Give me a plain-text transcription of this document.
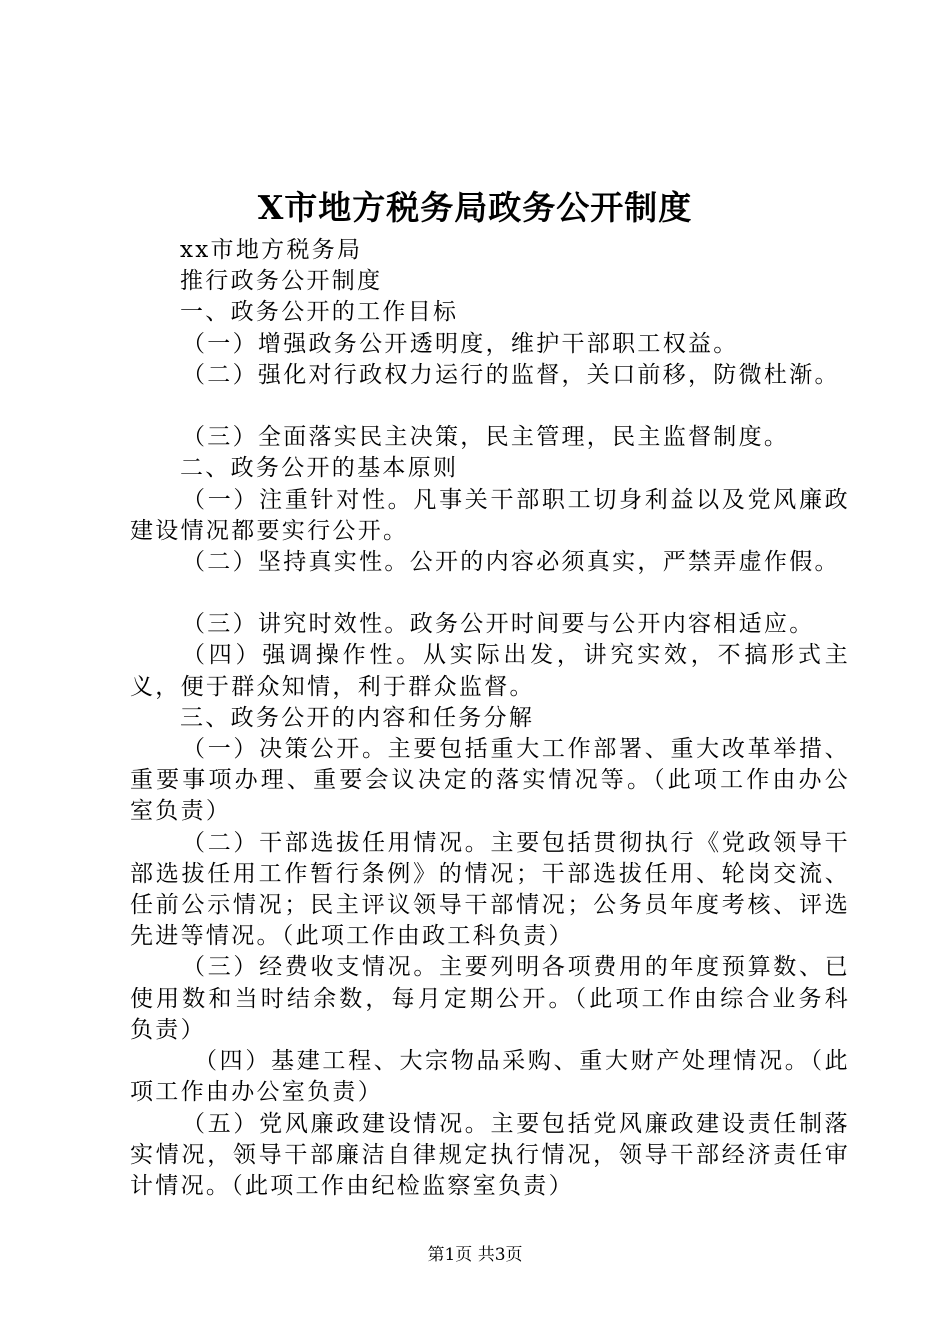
X市地方税务局政务公开制度
xx市地方税务局
推行政务公开制度
一、政务公开的工作目标
（一）增强政务公开透明度，维护干部职工权益。
（二）强化对行政权力运行的监督，关口前移，防微杜渐。
（三）全面落实民主决策，民主管理，民主监督制度。
二、政务公开的基本原则

（一）注重针对性。凡事关干部职工切身利益以及党风廉政建设情况都要实行公开。

（二）坚持真实性。公开的内容必须真实，严禁弄虚作假。
（三）讲究时效性。政务公开时间要与公开内容相适应。

（四）强调操作性。从实际出发，讲究实效，不搞形式主义，便于群众知情，利于群众监督。

三、政务公开的内容和任务分解

（一）决策公开。主要包括重大工作部署、重大改革举措、重要事项办理、重要会议决定的落实情况等。（此项工作由办公室负责）

（二）干部选拔任用情况。主要包括贯彻执行《党政领导干部选拔任用工作暂行条例》的情况；干部选拔任用、轮岗交流、任前公示情况；民主评议领导干部情况；公务员年度考核、评选先进等情况。（此项工作由政工科负责）

（三）经费收支情况。主要列明各项费用的年度预算数、已使用数和当时结余数，每月定期公开。（此项工作由综合业务科负责）

（四）基建工程、大宗物品采购、重大财产处理情况。（此项工作由办公室负责）

（五）党风廉政建设情况。主要包括党风廉政建设责任制落实情况，领导干部廉洁自律规定执行情况，领导干部经济责任审计情况。（此项工作由纪检监察室负责）

第1页 共3页
